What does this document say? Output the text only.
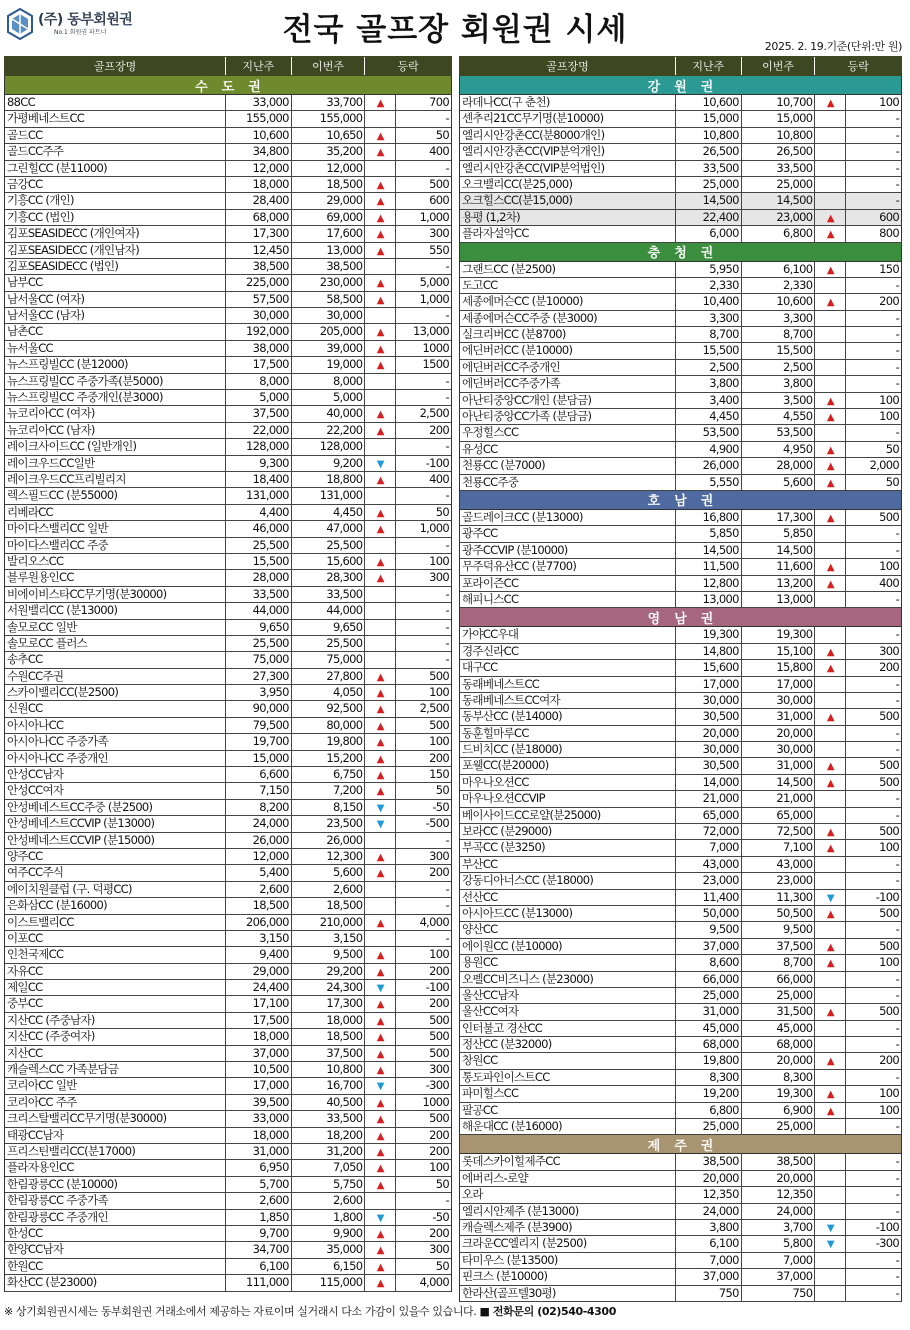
(주) 동부회원권
No.1 회원권 파트너	전국 골프장 회원권 시세	2025. 2. 19.기준(단위:만 원)
골프장명	지난주	이번주	등락
수도권
88CC	33,000	33,700	▲	700
가평베네스트CC	155,000	155,000	-
골드CC	10,600	10,650	▲	50
골드CC주주	34,800	35,200	▲	400
그린힐CC (분11000)	12,000	12,000	-
금강CC	18,000	18,500	▲	500
기흥CC (개인)	28,400	29,000	▲	600
기흥CC (법인)	68,000	69,000	▲	1,000
김포SEASIDECC (개인여자)	17,300	17,600	▲	300
김포SEASIDECC (개인남자)	12,450	13,000	▲	550
김포SEASIDECC (법인)	38,500	38,500	-
남부CC	225,000	230,000	▲	5,000
남서울CC (여자)	57,500	58,500	▲	1,000
남서울CC (남자)	30,000	30,000	-
남촌CC	192,000	205,000	▲	13,000
뉴서울CC	38,000	39,000	▲	1000
뉴스프링빌CC (분12000)	17,500	19,000	▲	1500
뉴스프링빌CC 주중가족(분5000)	8,000	8,000	-
뉴스프링빌CC 주중개인(분3000)	5,000	5,000	-
뉴코리아CC (여자)	37,500	40,000	▲	2,500
뉴코리아CC (남자)	22,000	22,200	▲	200
레이크사이드CC (일반개인)	128,000	128,000	-
레이크우드CC일반	9,300	9,200	▼	-100
레이크우드CC프리빌리지	18,400	18,800	▲	400
렉스필드CC (분55000)	131,000	131,000	-
리베라CC	4,400	4,450	▲	50
마이다스밸리CC 일반	46,000	47,000	▲	1,000
마이다스밸리CC 주중	25,500	25,500	-
발리오스CC	15,500	15,600	▲	100
블루원용인CC	28,000	28,300	▲	300
비에이비스타CC무기명(분30000)	33,500	33,500	-
서원밸리CC (분13000)	44,000	44,000	-
솔모로CC 일반	9,650	9,650	-
솔모로CC 플러스	25,500	25,500	-
송추CC	75,000	75,000	-
수원CC주권	27,300	27,800	▲	500
스카이밸리CC(분2500)	3,950	4,050	▲	100
신원CC	90,000	92,500	▲	2,500
아시아나CC	79,500	80,000	▲	500
아시아나CC 주중가족	19,700	19,800	▲	100
아시아나CC 주중개인	15,000	15,200	▲	200
안성CC남자	6,600	6,750	▲	150
안성CC여자	7,150	7,200	▲	50
안성베네스트CC주중 (분2500)	8,200	8,150	▼	-50
안성베네스트CCVIP (분13000)	24,000	23,500	▼	-500
안성베네스트CCVIP (분15000)	26,000	26,000	-
양주CC	12,000	12,300	▲	300
여주CC주식	5,400	5,600	▲	200
에이치원클럽 (구. 덕평CC)	2,600	2,600	-
은화삼CC (분16000)	18,500	18,500	-
이스트밸리CC	206,000	210,000	▲	4,000
이포CC	3,150	3,150	-
인천국제CC	9,400	9,500	▲	100
자유CC	29,000	29,200	▲	200
제일CC	24,400	24,300	▼	-100
중부CC	17,100	17,300	▲	200
지산CC (주중남자)	17,500	18,000	▲	500
지산CC (주중여자)	18,000	18,500	▲	500
지산CC	37,000	37,500	▲	500
캐슬렉스CC 가족분담금	10,500	10,800	▲	300
코리아CC 일반	17,000	16,700	▼	-300
코리아CC 주주	39,500	40,500	▲	1000
크리스탈밸리CC무기명(분30000)	33,000	33,500	▲	500
태광CC남자	18,000	18,200	▲	200
프리스틴밸리CC(분17000)	31,000	31,200	▲	200
플라자용인CC	6,950	7,050	▲	100
한림광릉CC (분10000)	5,700	5,750	▲	50
한림광릉CC 주중가족	2,600	2,600	-
한림광릉CC 주중개인	1,850	1,800	▼	-50
한성CC	9,700	9,900	▲	200
한양CC남자	34,700	35,000	▲	300
한원CC	6,100	6,150	▲	50
화산CC (분23000)	111,000	115,000	▲	4,000
골프장명	지난주	이번주	등락
강원권
라데나CC(구 춘천)	10,600	10,700	▲	100
센추리21CC무기명(분10000)	15,000	15,000	-
엘리시안강촌CC(분8000개인)	10,800	10,800	-
엘리시안강촌CC(VIP분억개인)	26,500	26,500	-
엘리시안강촌CC(VIP분억법인)	33,500	33,500	-
오크밸리CC(분25,000)	25,000	25,000	-
오크힐스CC(분15,000)	14,500	14,500	-
용평 (1,2차)	22,400	23,000	▲	600
플라자설악CC	6,000	6,800	▲	800
충청권
그랜드CC (분2500)	5,950	6,100	▲	150
도고CC	2,330	2,330	-
세종에머슨CC (분10000)	10,400	10,600	▲	200
세종에머슨CC주중 (분3000)	3,300	3,300	-
실크리버CC (분8700)	8,700	8,700	-
에딘버러CC (분10000)	15,500	15,500	-
에딘버러CC주중개인	2,500	2,500	-
에딘버러CC주중가족	3,800	3,800	-
아난티중앙CC개인 (분담금)	3,400	3,500	▲	100
아난티중앙CC가족 (분담금)	4,450	4,550	▲	100
우정힐스CC	53,500	53,500	-
유성CC	4,900	4,950	▲	50
천룡CC (분7000)	26,000	28,000	▲	2,000
천룡CC주중	5,550	5,600	▲	50
호남권
골드레이크CC (분13000)	16,800	17,300	▲	500
광주CC	5,850	5,850	-
광주CCVIP (분10000)	14,500	14,500	-
무주덕유산CC (분7700)	11,500	11,600	▲	100
포라이즌CC	12,800	13,200	▲	400
해피니스CC	13,000	13,000	-
영남권
가야CC우대	19,300	19,300	-
경주신라CC	14,800	15,100	▲	300
대구CC	15,600	15,800	▲	200
동래베네스트CC	17,000	17,000	-
동래베네스트CC여자	30,000	30,000	-
동부산CC (분14000)	30,500	31,000	▲	500
동훈힐마루CC	20,000	20,000	-
드비치CC (분18000)	30,000	30,000	-
포웰CC(분20000)	30,500	31,000	▲	500
마우나오션CC	14,000	14,500	▲	500
마우나오션CCVIP	21,000	21,000	-
베이사이드CC로얄(분25000)	65,000	65,000	-
보라CC (분29000)	72,000	72,500	▲	500
부곡CC (분3250)	7,000	7,100	▲	100
부산CC	43,000	43,000	-
강동디아너스CC (분18000)	23,000	23,000	-
선산CC	11,400	11,300	▼	-100
아시아드CC (분13000)	50,000	50,500	▲	500
양산CC	9,500	9,500	-
에이원CC (분10000)	37,000	37,500	▲	500
용원CC	8,600	8,700	▲	100
오펠CC비즈니스 (분23000)	66,000	66,000	-
울산CC남자	25,000	25,000	-
울산CC여자	31,000	31,500	▲	500
인터불고 경산CC	45,000	45,000	-
정산CC (분32000)	68,000	68,000	-
창원CC	19,800	20,000	▲	200
통도파인이스트CC	8,300	8,300	-
파미힐스CC	19,200	19,300	▲	100
팔공CC	6,800	6,900	▲	100
해운대CC (분16000)	25,000	25,000	-
제주권
롯데스카이힐제주CC	38,500	38,500	-
에버리스-로얄	20,000	20,000	-
오라	12,350	12,350	-
엘리시안제주 (분13000)	24,000	24,000	-
캐슬렉스제주 (분3900)	3,800	3,700	▼	-100
크라운CC엘리지 (분2500)	6,100	5,800	▼	-300
타미우스 (분13500)	7,000	7,000	-
핀크스 (분10000)	37,000	37,000	-
한라산(골프텔30평)	750	750	-
※ 상기회원권시세는 동부회원권 거래소에서 제공하는 자료이며 실거래시 다소 가감이 있을수 있습니다. ■ 전화문의 (02)540-4300
